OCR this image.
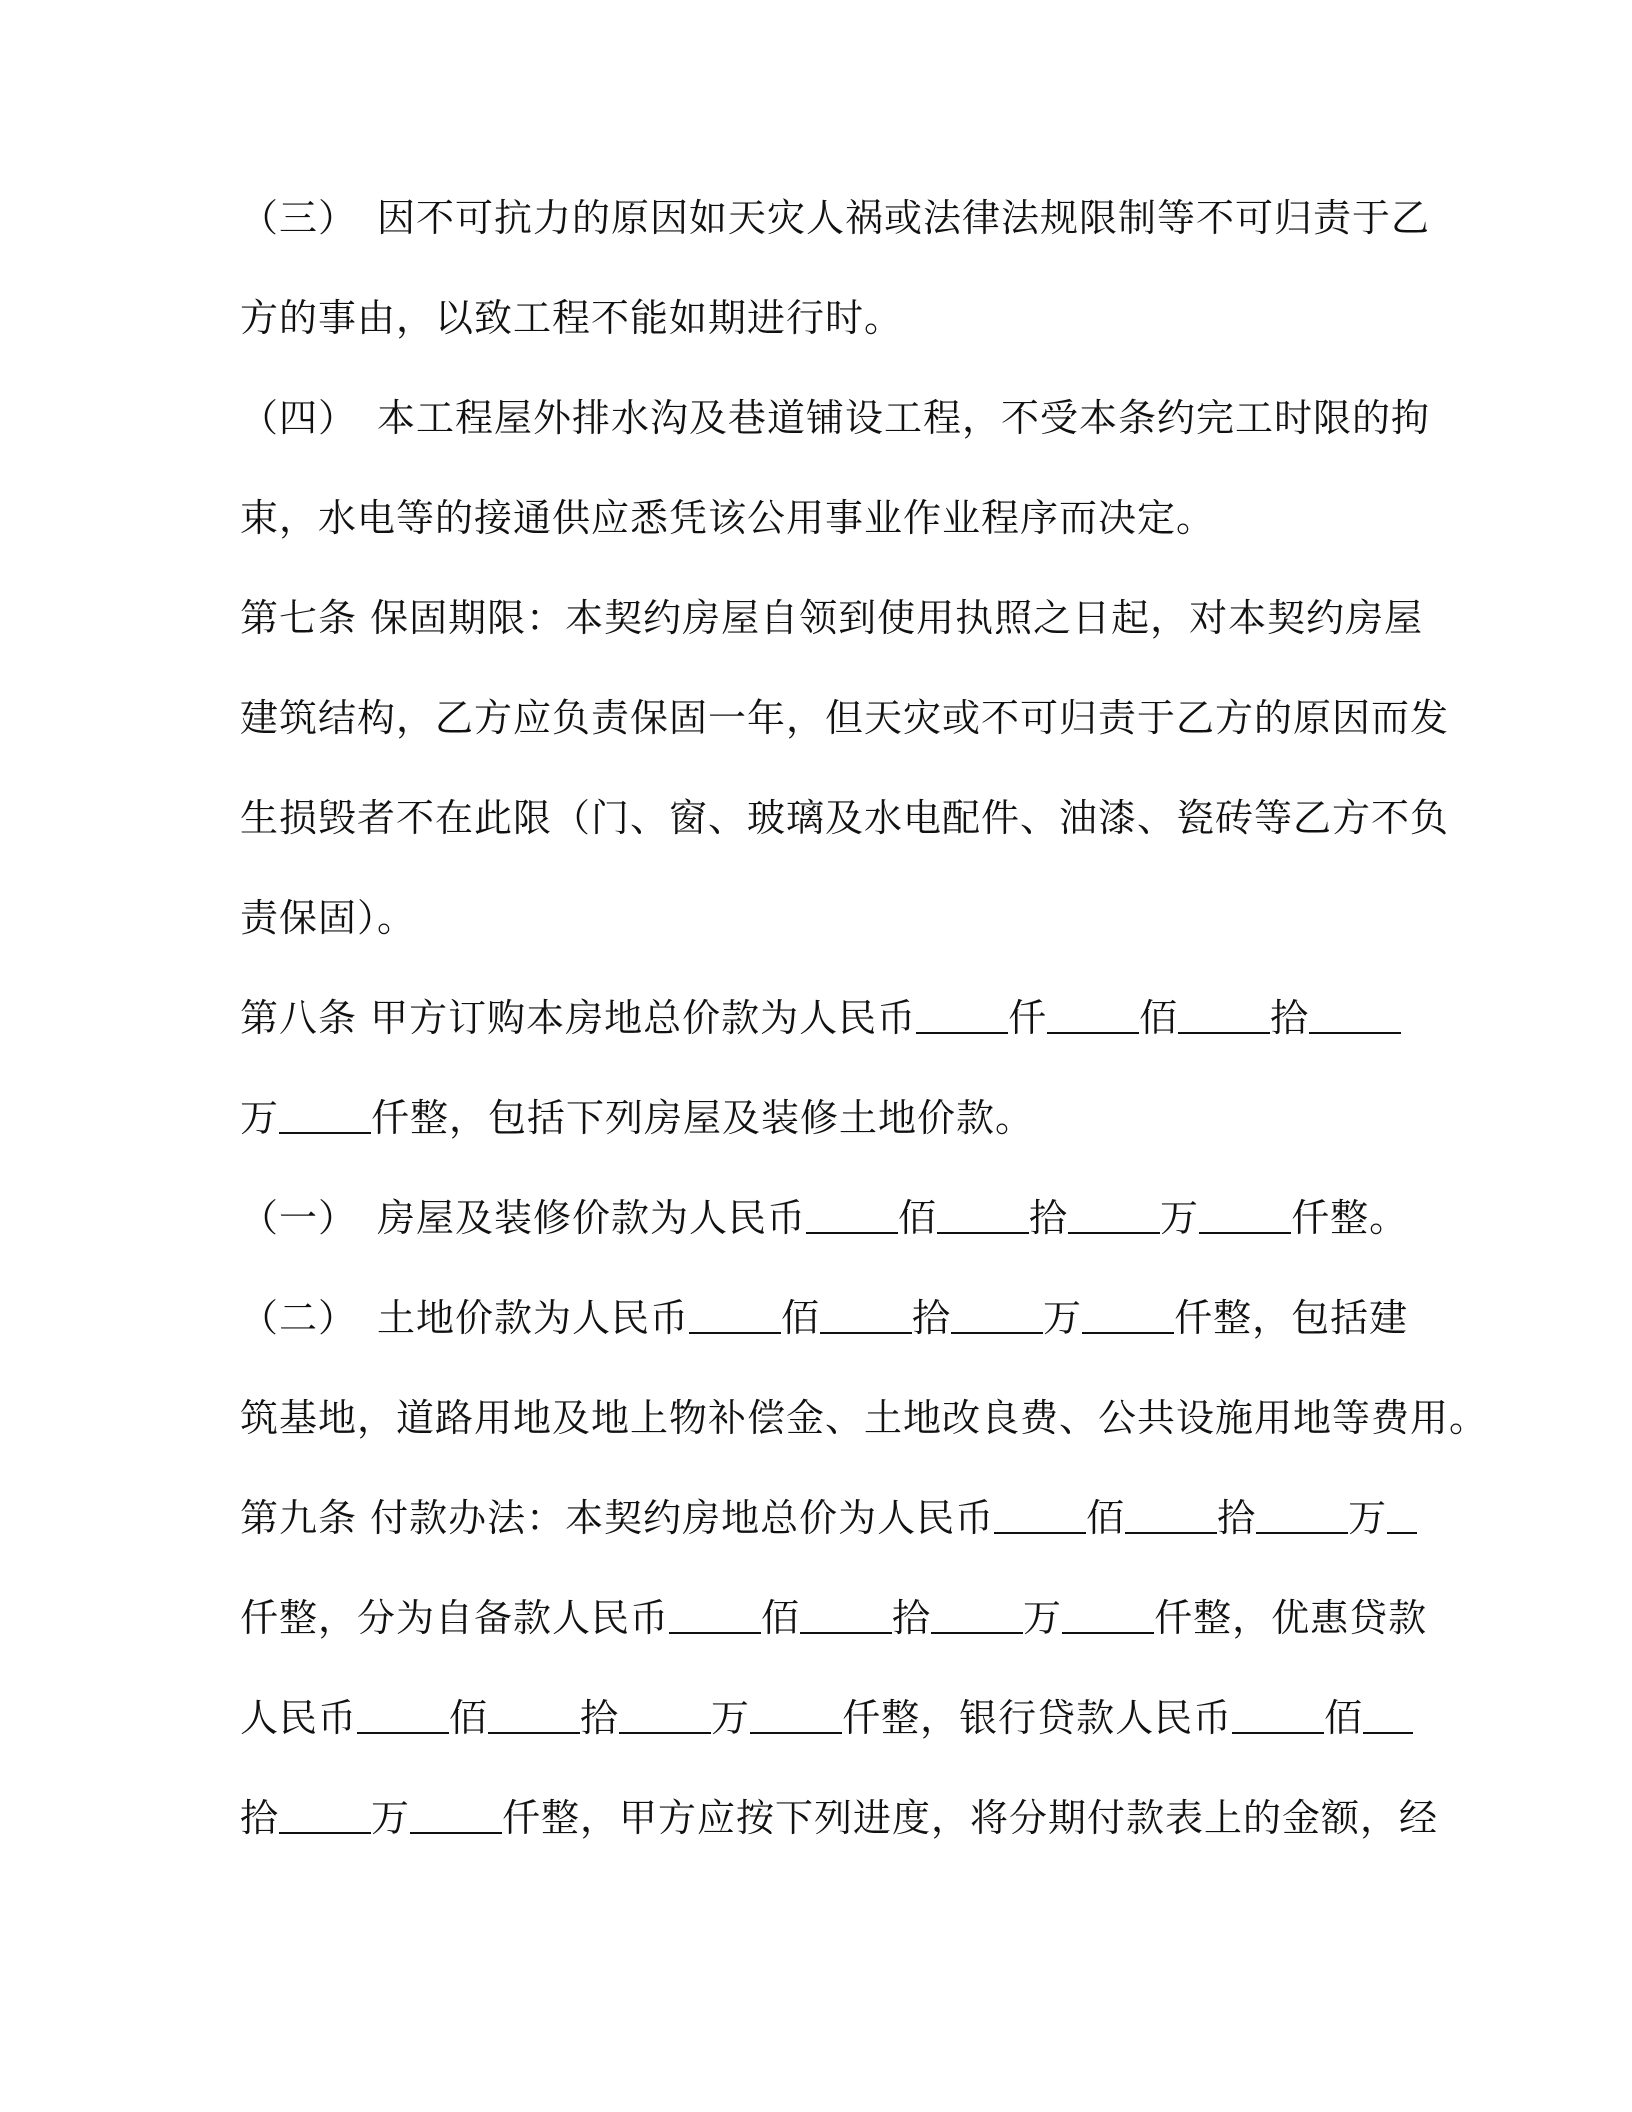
（三）　因不可抗力的原因如天灾人祸或法律法规限制等不可归责于乙
方的事由，以致工程不能如期进行时。
（四）　本工程屋外排水沟及巷道铺设工程，不受本条约完工时限的拘
束，水电等的接通供应悉凭该公用事业作业程序而决定。
第七条 保固期限：本契约房屋自领到使用执照之日起，对本契约房屋
建筑结构，乙方应负责保固一年，但天灾或不可归责于乙方的原因而发
生损毁者不在此限（门、窗、玻璃及水电配件、油漆、瓷砖等乙方不负
责保固）。
第八条 甲方订购本房地总价款为人民币 仟 佰 拾
万 仟整，包括下列房屋及装修土地价款。
（一）　房屋及装修价款为人民币 佰 拾 万 仟整。
（二）　土地价款为人民币 佰 拾 万 仟整，包括建
筑基地，道路用地及地上物补偿金、土地改良费、公共设施用地等费用。
第九条 付款办法：本契约房地总价为人民币 佰 拾 万
仟整，分为自备款人民币 佰 拾 万 仟整，优惠贷款
人民币 佰 拾 万 仟整，银行贷款人民币 佰
拾 万 仟整，甲方应按下列进度，将分期付款表上的金额，经
